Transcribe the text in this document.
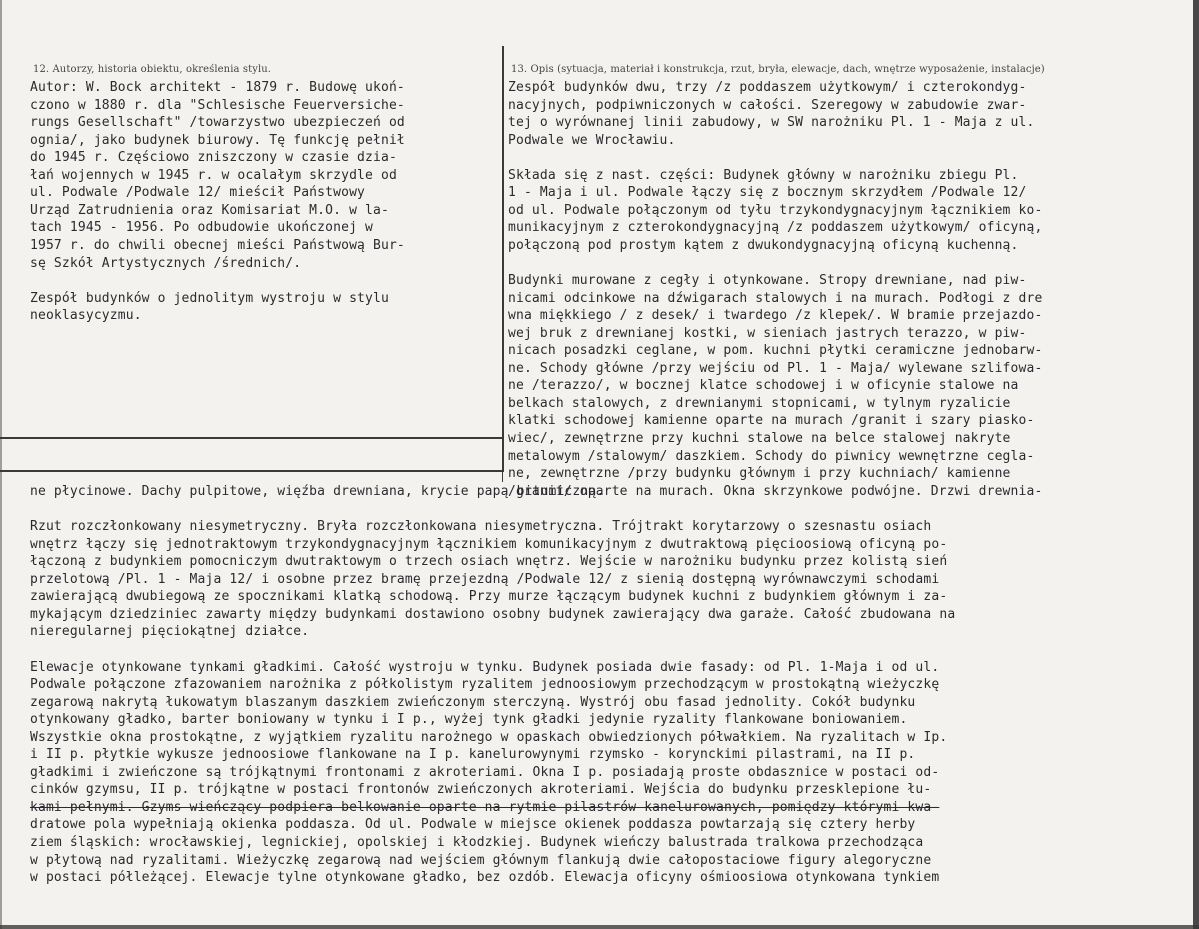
12. Autorzy, historia obiektu, określenia stylu.	13. Opis (sytuacja, materiał i konstrukcja, rzut, bryła, elewacje, dach, wnętrze wyposażenie, instalacje)
Autor: W. Bock architekt - 1879 r. Budowę ukoń-
czono w 1880 r. dla "Schlesische Feuerversiche-
rungs Gesellschaft" /towarzystwo ubezpieczeń od
ognia/, jako budynek biurowy. Tę funkcję pełnił
do 1945 r. Częściowo zniszczony w czasie dzia-
łań wojennych w 1945 r. w ocalałym skrzydle od
ul. Podwale /Podwale 12/ mieścił Państwowy
Urząd Zatrudnienia oraz Komisariat M.O. w la-
tach 1945 - 1956. Po odbudowie ukończonej w
1957 r. do chwili obecnej mieści Państwową Bur-
sę Szkół Artystycznych /średnich/.
Zespół budynków o jednolitym wystroju w stylu
neoklasycyzmu.
Zespół budynków dwu, trzy /z poddaszem użytkowym/ i czterokondyg-
nacyjnych, podpiwniczonych w całości. Szeregowy w zabudowie zwar-
tej o wyrównanej linii zabudowy, w SW narożniku Pl. 1 - Maja z ul.
Podwale we Wrocławiu.
Składa się z nast. części: Budynek główny w narożniku zbiegu Pl.
1 - Maja i ul. Podwale łączy się z bocznym skrzydłem /Podwale 12/
od ul. Podwale połączonym od tyłu trzykondygnacyjnym łącznikiem ko-
munikacyjnym z czterokondygnacyjną /z poddaszem użytkowym/ oficyną,
połączoną pod prostym kątem z dwukondygnacyjną oficyną kuchenną.
Budynki murowane z cegły i otynkowane. Stropy drewniane, nad piw-
nicami odcinkowe na dźwigarach stalowych i na murach. Podłogi z dre
wna miękkiego / z desek/ i twardego /z klepek/. W bramie przejazdo-
wej bruk z drewnianej kostki, w sieniach jastrych terazzo, w piw-
nicach posadzki ceglane, w pom. kuchni płytki ceramiczne jednobarw-
ne. Schody główne /przy wejściu od Pl. 1 - Maja/ wylewane szlifowa-
ne /terazzo/, w bocznej klatce schodowej i w oficynie stalowe na
belkach stalowych, z drewnianymi stopnicami, w tylnym ryzalicie
klatki schodowej kamienne oparte na murach /granit i szary piasko-
wiec/, zewnętrzne przy kuchni stalowe na belce stalowej nakryte
metalowym /stalowym/ daszkiem. Schody do piwnicy wewnętrzne cegla-
ne, zewnętrzne /przy budynku głównym i przy kuchniach/ kamienne
/granit/ oparte na murach. Okna skrzynkowe podwójne. Drzwi drewnia-
ne płycinowe. Dachy pulpitowe, więźba drewniana, krycie papą bitumiczną.
Rzut rozczłonkowany niesymetryczny. Bryła rozczłonkowana niesymetryczna. Trójtrakt korytarzowy o szesnastu osiach
wnętrz łączy się jednotraktowym trzykondygnacyjnym łącznikiem komunikacyjnym z dwutraktową pięcioosiową oficyną po-
łączoną z budynkiem pomocniczym dwutraktowym o trzech osiach wnętrz. Wejście w narożniku budynku przez kolistą sień
przelotową /Pl. 1 - Maja 12/ i osobne przez bramę przejezdną /Podwale 12/ z sienią dostępną wyrównawczymi schodami
zawierającą dwubiegową ze spocznikami klatką schodową. Przy murze łączącym budynek kuchni z budynkiem głównym i za-
mykającym dziedziniec zawarty między budynkami dostawiono osobny budynek zawierający dwa garaże. Całość zbudowana na
nieregularnej pięciokątnej działce.
Elewacje otynkowane tynkami gładkimi. Całość wystroju w tynku. Budynek posiada dwie fasady: od Pl. 1-Maja i od ul.
Podwale połączone zfazowaniem narożnika z półkolistym ryzalitem jednoosiowym przechodzącym w prostokątną wieżyczkę
zegarową nakrytą łukowatym blaszanym daszkiem zwieńczonym sterczyną. Wystrój obu fasad jednolity. Cokół budynku
otynkowany gładko, barter boniowany w tynku i I p., wyżej tynk gładki jedynie ryzality flankowane boniowaniem.
Wszystkie okna prostokątne, z wyjątkiem ryzalitu narożnego w opaskach obwiedzionych półwałkiem. Na ryzalitach w Ip.
i II p. płytkie wykusze jednoosiowe flankowane na I p. kanelurowynymi rzymsko - korynckimi pilastrami, na II p.
gładkimi i zwieńczone są trójkątnymi frontonami z akroteriami. Okna I p. posiadają proste obdasznice w postaci od-
cinków gzymsu, II p. trójkątne w postaci frontonów zwieńczonych akroteriami. Wejścia do budynku przesklepione łu-
kami pełnymi. Gzyms wieńczący podpiera belkowanie oparte na rytmie pilastrów kanelurowanych, pomiędzy którymi kwa-
dratowe pola wypełniają okienka poddasza. Od ul. Podwale w miejsce okienek poddasza powtarzają się cztery herby
ziem śląskich: wrocławskiej, legnickiej, opolskiej i kłodzkiej. Budynek wieńczy balustrada tralkowa przechodząca
w płytową nad ryzalitami. Wieżyczkę zegarową nad wejściem głównym flankują dwie całopostaciowe figury alegoryczne
w postaci półleżącej. Elewacje tylne otynkowane gładko, bez ozdób. Elewacja oficyny ośmioosiowa otynkowana tynkiem
